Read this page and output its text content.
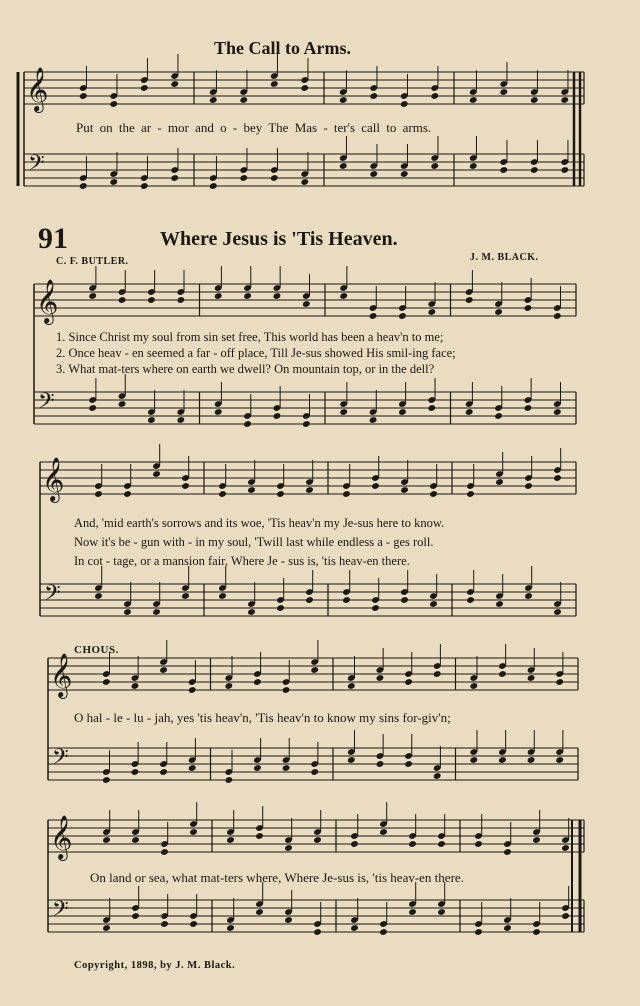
𝄞
𝄢
𝄞
𝄢
𝄞
𝄢
𝄞
𝄢
𝄞
𝄢
The Call to Arms.
Put on the ar - mor and o - bey The Mas - ter's call to arms.
91	Where Jesus is 'Tis Heaven.
C. F. BUTLER.	J. M. BLACK.
1. Since Christ my soul from sin set free, This world has been a heav'n to me;
2. Once heav - en seemed a far - off place, Till Je-sus showed His smil-ing face;
3. What mat-ters where on earth we dwell? On mountain top, or in the dell?
And, 'mid earth's sorrows and its woe, 'Tis heav'n my Je-sus here to know.
Now it's be - gun with - in my soul, 'Twill last while endless a - ges roll.
In cot - tage, or a mansion fair, Where Je - sus is, 'tis heav-en there.
CHOUS.
O hal - le - lu - jah, yes 'tis heav'n, 'Tis heav'n to know my sins for-giv'n;
On land or sea, what mat-ters where, Where Je-sus is, 'tis heav-en there.
Copyright, 1898, by J. M. Black.
